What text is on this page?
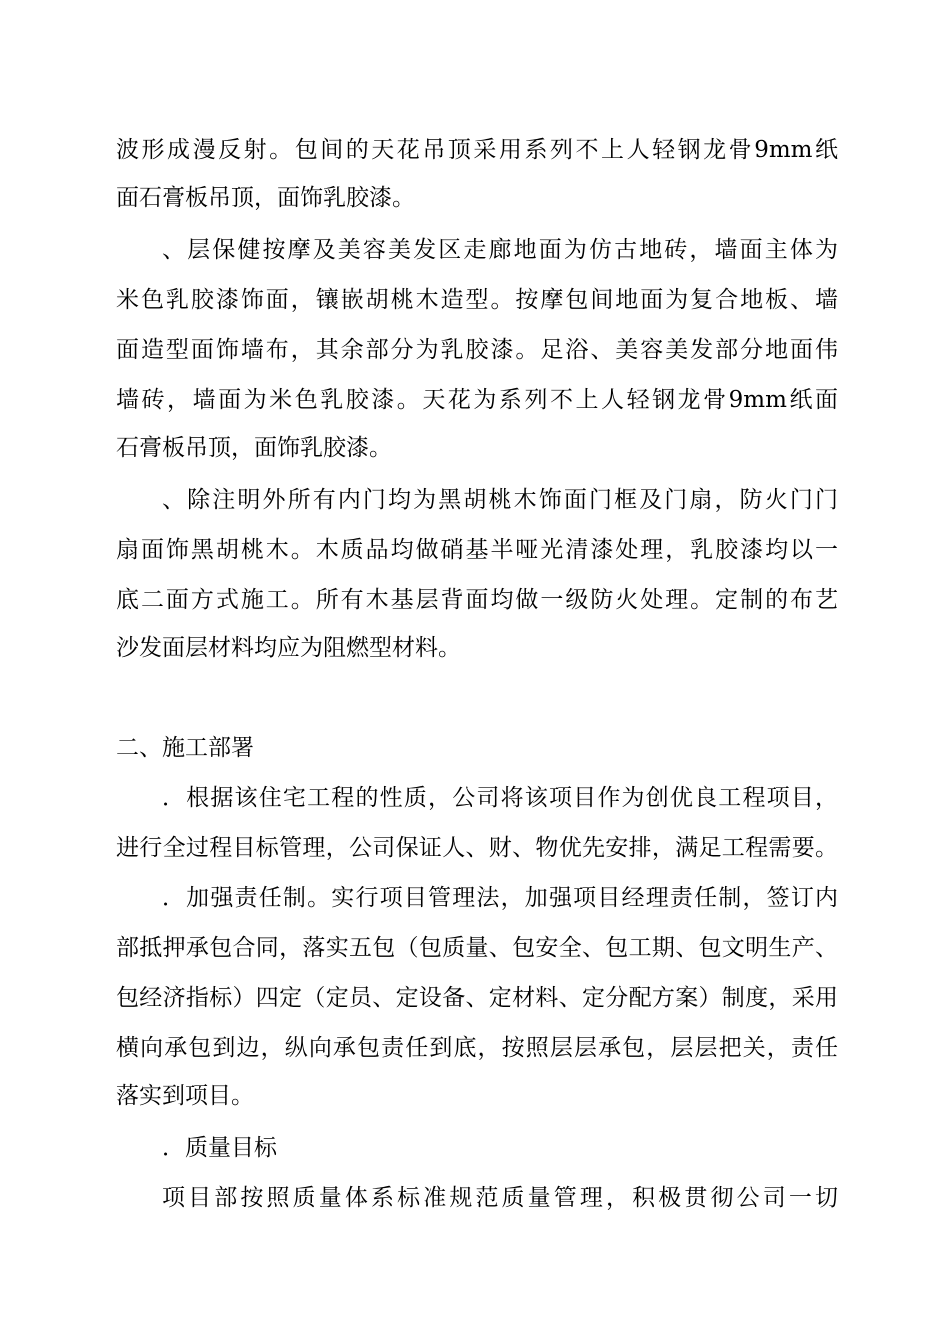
波形成漫反射。包间的天花吊顶采用系列不上人轻钢龙骨9mm纸
面石膏板吊顶，面饰乳胶漆。
、层保健按摩及美容美发区走廊地面为仿古地砖，墙面主体为
米色乳胶漆饰面，镶嵌胡桃木造型。按摩包间地面为复合地板、墙
面造型面饰墙布，其余部分为乳胶漆。足浴、美容美发部分地面伟
墙砖，墙面为米色乳胶漆。天花为系列不上人轻钢龙骨9mm纸面
石膏板吊顶，面饰乳胶漆。
、除注明外所有内门均为黑胡桃木饰面门框及门扇，防火门门
扇面饰黑胡桃木。木质品均做硝基半哑光清漆处理，乳胶漆均以一
底二面方式施工。所有木基层背面均做一级防火处理。定制的布艺
沙发面层材料均应为阻燃型材料。
二、施工部署
．根据该住宅工程的性质，公司将该项目作为创优良工程项目，
进行全过程目标管理，公司保证人、财、物优先安排，满足工程需要。
．加强责任制。实行项目管理法，加强项目经理责任制，签订内
部抵押承包合同，落实五包（包质量、包安全、包工期、包文明生产、
包经济指标）四定（定员、定设备、定材料、定分配方案）制度，采用
横向承包到边，纵向承包责任到底，按照层层承包，层层把关，责任
落实到项目。
．质量目标
项目部按照质量体系标准规范质量管理，积极贯彻公司一切
